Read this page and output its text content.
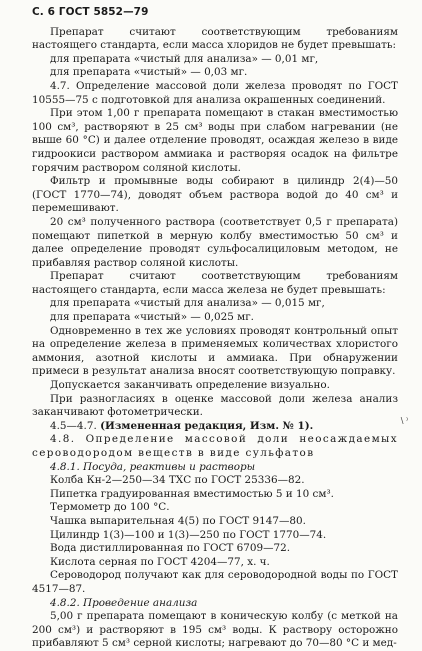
С. 6 ГОСТ 5852—79

Препарат считают соответствующим требованиям настоящего стандарта, если масса хлоридов не будет превышать:

для препарата «чистый для анализа» — 0,01 мг,

для препарата «чистый» — 0,03 мг.

4.7. Определение массовой доли железа проводят по ГОСТ 10555—75 с подготовкой для анализа окрашенных соединений.

При этом 1,00 г препарата помещают в стакан вместимостью 100 см³, растворяют в 25 см³ воды при слабом нагревании (не выше 60 °С) и далее отделение проводят, осаждая железо в виде гидроокиси раствором аммиака и растворяя осадок на фильтре горячим раствором соляной кислоты.

Фильтр и промывные воды собирают в цилиндр 2(4)—50 (ГОСТ 1770—74), доводят объем раствора водой до 40 см³ и перемешивают.

20 см³ полученного раствора (соответствует 0,5 г препарата) помещают пипеткой в мерную колбу вместимостью 50 см³ и далее определение проводят сульфосалициловым методом, не прибавляя раствор соляной кислоты.

Препарат считают соответствующим требованиям настоящего стандарта, если масса железа не будет превышать:

для препарата «чистый для анализа» — 0,015 мг,

для препарата «чистый» — 0,025 мг.

Одновременно в тех же условиях проводят контрольный опыт на определение железа в применяемых количествах хлористого аммония, азотной кислоты и аммиака. При обнаружении примеси в результат анализа вносят соответствующую поправку.

Допускается заканчивать определение визуально.

При разногласиях в оценке массовой доли железа анализ заканчивают фотометрически.

4.5—4.7. (Измененная редакция, Изм. № 1).

4.8. Определение массовой доли неосаждаемых сероводородом веществ в виде сульфатов

4.8.1. Посуда, реактивы и растворы

Колба Кн-2—250—34 ТХС по ГОСТ 25336—82.

Пипетка градуированная вместимостью 5 и 10 см³.

Термометр до 100 °С.

Чашка выпарительная 4(5) по ГОСТ 9147—80.

Цилиндр 1(3)—100 и 1(3)—250 по ГОСТ 1770—74.

Вода дистиллированная по ГОСТ 6709—72.

Кислота серная по ГОСТ 4204—77, х. ч.

Сероводород получают как для сероводородной воды по ГОСТ 4517—87.

4.8.2. Проведение анализа

5,00 г препарата помещают в коническую колбу (с меткой на 200 см³) и растворяют в 195 см³ воды. К раствору осторожно прибавляют 5 см³ серной кислоты; нагревают до 70—80 °С и мед-

\ ⁾
